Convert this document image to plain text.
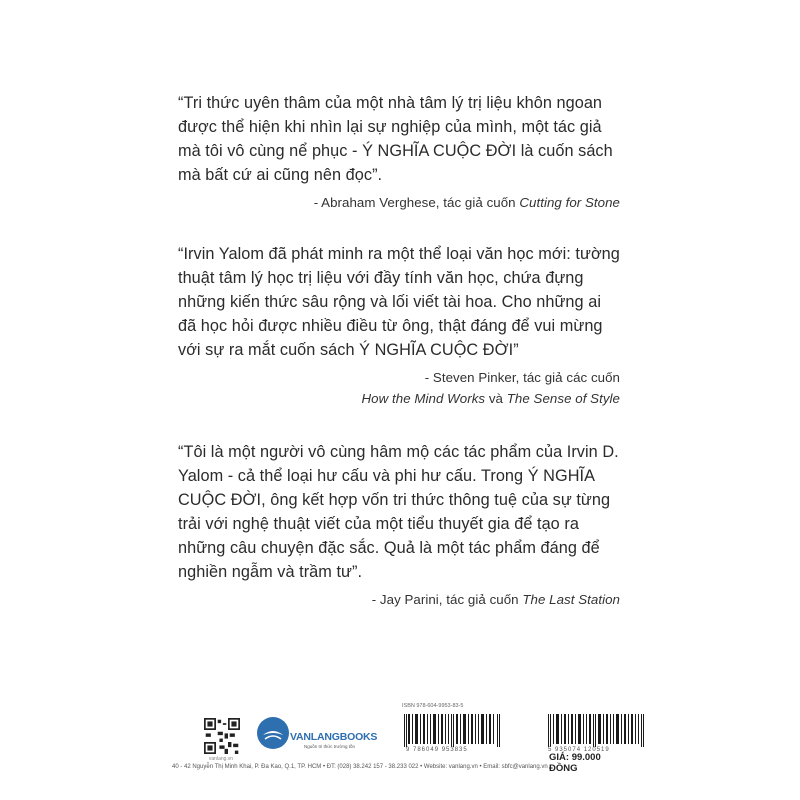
“Tri thức uyên thâm của một nhà tâm lý trị liệu khôn ngoan được thể hiện khi nhìn lại sự nghiệp của mình, một tác giả mà tôi vô cùng nể phục - Ý NGHĨA CUỘC ĐỜI là cuốn sách mà bất cứ ai cũng nên đọc”.

- Abraham Verghese, tác giả cuốn Cutting for Stone

“Irvin Yalom đã phát minh ra một thể loại văn học mới: tường thuật tâm lý học trị liệu với đầy tính văn học, chứa đựng những kiến thức sâu rộng và lối viết tài hoa. Cho những ai đã học hỏi được nhiều điều từ ông, thật đáng để vui mừng với sự ra mắt cuốn sách Ý NGHĨA CUỘC ĐỜI”

- Steven Pinker, tác giả các cuốn
How the Mind Works và The Sense of Style

“Tôi là một người vô cùng hâm mộ các tác phẩm của Irvin D. Yalom - cả thể loại hư cấu và phi hư cấu. Trong Ý NGHĨA CUỘC ĐỜI, ông kết hợp vốn tri thức thông tuệ của sự từng trải với nghệ thuật viết của một tiểu thuyết gia để tạo ra những câu chuyện đặc sắc. Quả là một tác phẩm đáng để nghiền ngẫm và trầm tư”.

- Jay Parini, tác giả cuốn The Last Station
vanlang.vn
VANLANGBOOKS
Nguồn tri thức trường tồn
ISBN 978-604-9953-83-5
9 786049 953835	5 935074 120519
GIÁ: 99.000 ĐỒNG
40 - 42 Nguyễn Thị Minh Khai, P. Đa Kao, Q.1, TP. HCM • ĐT: (028) 38.242 157 - 38.233 022 • Website: vanlang.vn • Email: sbfc@vanlang.vn
